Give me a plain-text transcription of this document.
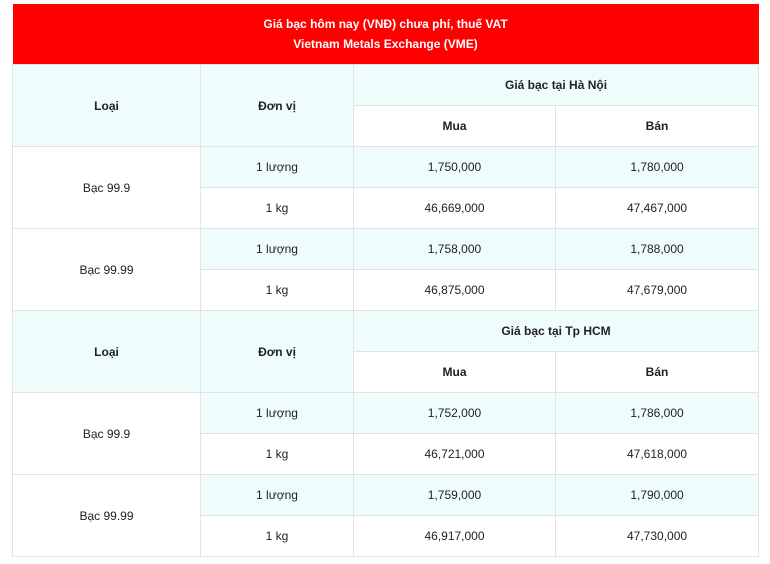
Giá bạc hôm nay (VNĐ) chưa phí, thuế VAT
Vietnam Metals Exchange (VME)			

Loại	Đơn vị	Giá bạc tại Hà Nội	
		Mua	Bán
Bạc 99.9	1 lượng	1,750,000	1,780,000
	1 kg	46,669,000	47,467,000
Bạc 99.99	1 lượng	1,758,000	1,788,000
	1 kg	46,875,000	47,679,000
Loại	Đơn vị	Giá bạc tại Tp HCM	
		Mua	Bán
Bạc 99.9	1 lượng	1,752,000	1,786,000
	1 kg	46,721,000	47,618,000
Bạc 99.99	1 lượng	1,759,000	1,790,000
	1 kg	46,917,000	47,730,000
